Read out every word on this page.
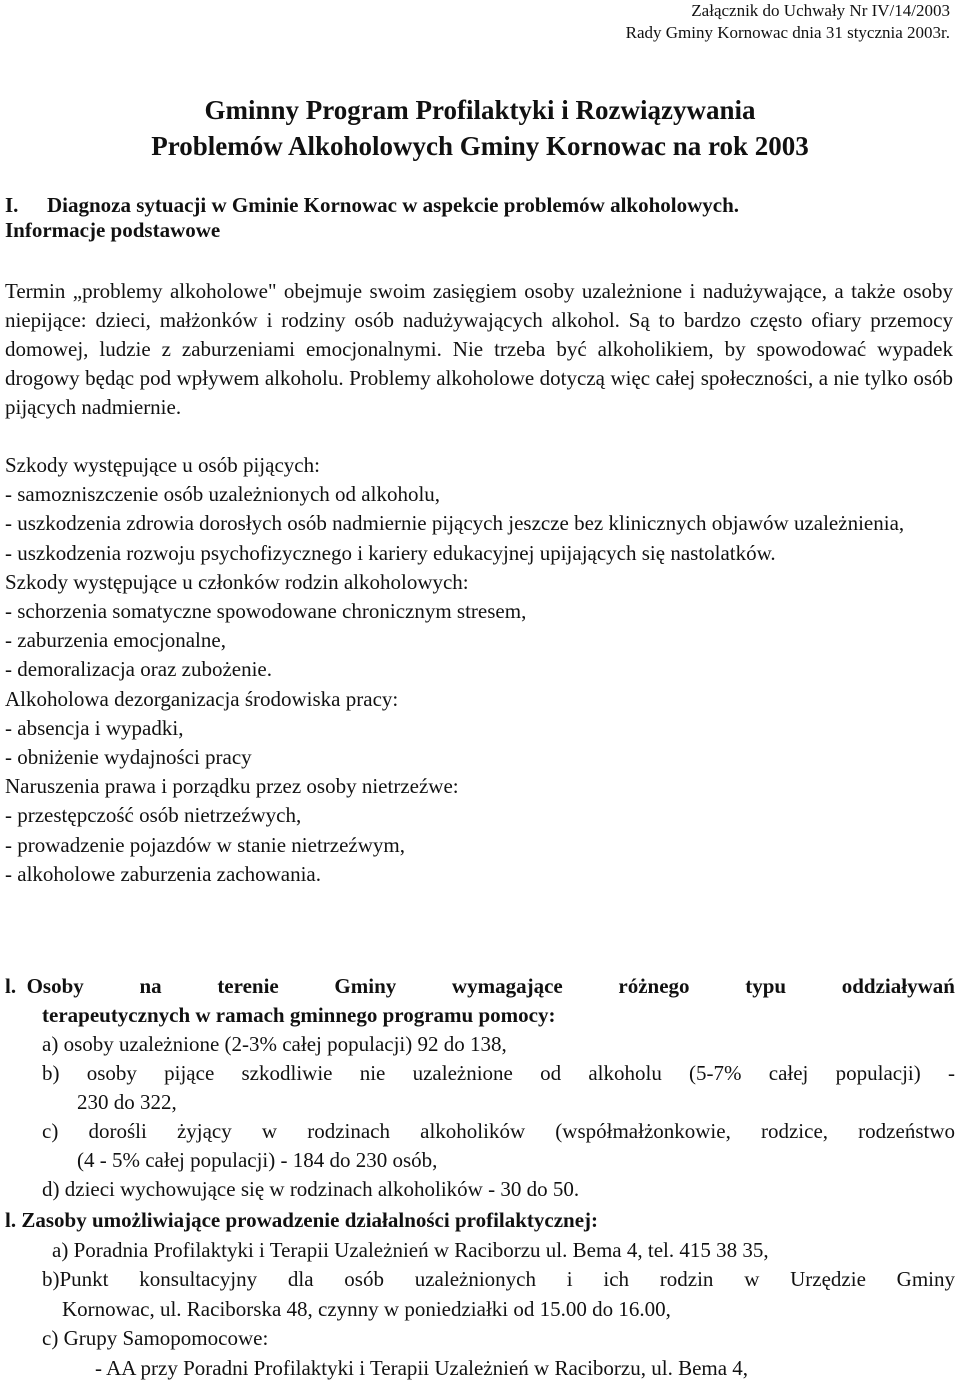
Załącznik do Uchwały Nr IV/14/2003
Rady Gminy Kornowac dnia 31 stycznia 2003r.
Gminny Program Profilaktyki i Rozwiązywania
Problemów Alkoholowych Gminy Kornowac na rok 2003
I. Diagnoza sytuacji w Gminie Kornowac w aspekcie problemów alkoholowych.
Informacje podstawowe
Termin „problemy alkoholowe" obejmuje swoim zasięgiem osoby uzależnione i nadużywające, a także osoby niepijące: dzieci, małżonków i rodziny osób nadużywających alkohol. Są to bardzo często ofiary przemocy domowej, ludzie z zaburzeniami emocjonalnymi. Nie trzeba być alkoholikiem, by spowodować wypadek drogowy będąc pod wpływem alkoholu. Problemy alkoholowe dotyczą więc całej społeczności, a nie tylko osób pijących nadmiernie.
Szkody występujące u osób pijących:
- samozniszczenie osób uzależnionych od alkoholu,
- uszkodzenia zdrowia dorosłych osób nadmiernie pijących jeszcze bez klinicznych objawów uzależnienia,
- uszkodzenia rozwoju psychofizycznego i kariery edukacyjnej upijających się nastolatków.
Szkody występujące u członków rodzin alkoholowych:
- schorzenia somatyczne spowodowane chronicznym stresem,
- zaburzenia emocjonalne,
- demoralizacja oraz zubożenie.
Alkoholowa dezorganizacja środowiska pracy:
- absencja i wypadki,
- obniżenie wydajności pracy
Naruszenia prawa i porządku przez osoby nietrzeźwe:
- przestępczość osób nietrzeźwych,
- prowadzenie pojazdów w stanie nietrzeźwym,
- alkoholowe zaburzenia zachowania.
l. Osoby	na	terenie	Gminy	wymagające	różnego	typu	oddziaływań
terapeutycznych w ramach gminnego programu pomocy:
a) osoby uzależnione (2-3% całej populacji) 92 do 138,
b) osoby pijące szkodliwie nie uzależnione od alkoholu (5-7% całej populacji) -
230 do 322,
c) dorośli żyjący w rodzinach alkoholików (współmałżonkowie, rodzice, rodzeństwo
(4 - 5% całej populacji) - 184 do 230 osób,
d) dzieci wychowujące się w rodzinach alkoholików - 30 do 50.
l. Zasoby umożliwiające prowadzenie działalności profilaktycznej:
a) Poradnia Profilaktyki i Terapii Uzależnień w Raciborzu ul. Bema 4, tel. 415 38 35,
b)Punkt konsultacyjny dla osób uzależnionych i ich rodzin w Urzędzie Gminy
Kornowac, ul. Raciborska 48, czynny w poniedziałki od 15.00 do 16.00,
c) Grupy Samopomocowe:
- AA przy Poradni Profilaktyki i Terapii Uzależnień w Raciborzu, ul. Bema 4,
